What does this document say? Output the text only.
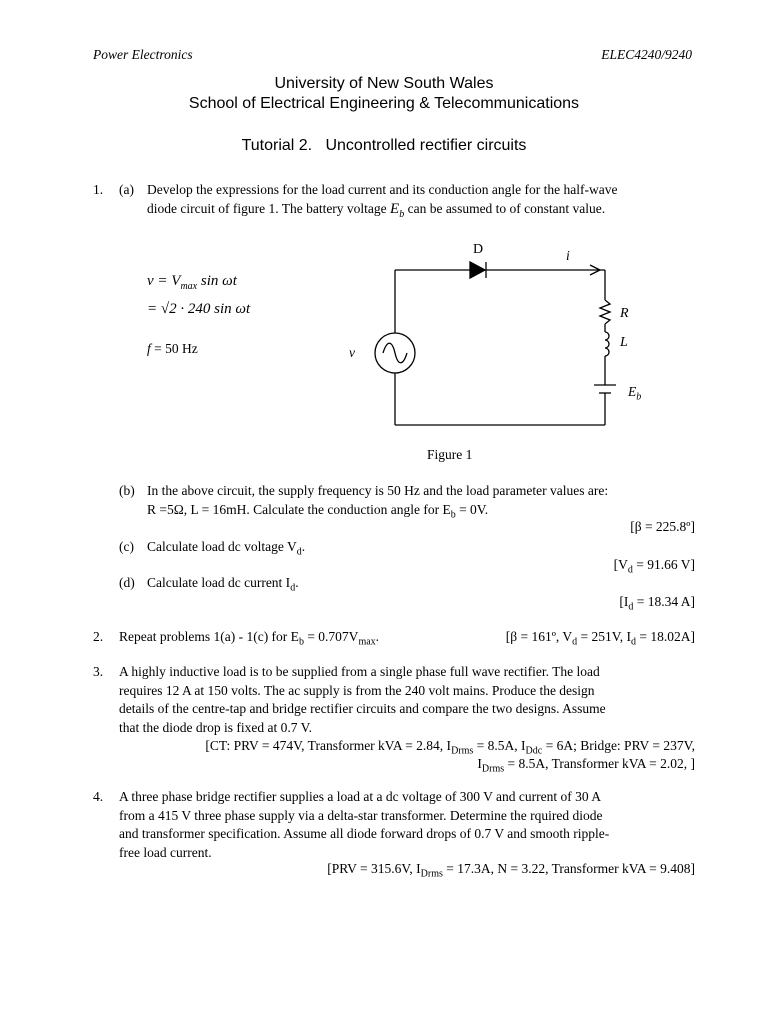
Power Electronics	ELEC4240/9240
University of New South Wales
School of Electrical Engineering & Telecommunications
Tutorial 2.   Uncontrolled rectifier circuits
1. (a) Develop the expressions for the load current and its conduction angle for the half-wave
diode circuit of figure 1. The battery voltage $E_b$ can be assumed to of constant value.
$v = V_{max}$ sin ωt
= √2 · 240 sin ωt
f = 50 Hz
D	i
R
L
$E_b$
v
Figure 1
(b) In the above circuit, the supply frequency is 50 Hz and the load parameter values are:
R =5Ω, L = 16mH. Calculate the conduction angle for $E_b = 0V$.
[β = 225.8º]
(c) Calculate load dc voltage $V_d$.
[$V_d = 91.66$ V]
(d) Calculate load dc current $I_d$.
[$I_d = 18.34$ A]
2. Repeat problems 1(a) - 1(c) for $E_b = 0.707V_{max}$.	[β = 161º, $V_d = 251V$, $I_d = 18.02A$]
3. A highly inductive load is to be supplied from a single phase full wave rectifier. The load
requires 12 A at 150 volts. The ac supply is from the 240 volt mains. Produce the design
details of the centre-tap and bridge rectifier circuits and compare the two designs. Assume
that the diode drop is fixed at 0.7 V.
[CT: PRV = 474V, Transformer kVA = 2.84, $I_{Drms} = 8.5A$, $I_{Ddc} = 6A$; Bridge: PRV = 237V,
$I_{Drms} = 8.5A$, Transformer kVA = 2.02, ]
4. A three phase bridge rectifier supplies a load at a dc voltage of 300 V and current of 30 A
from a 415 V three phase supply via a delta-star transformer. Determine the rquired diode
and transformer specification. Assume all diode forward drops of 0.7 V and smooth ripple-
free load current.
[PRV = 315.6V, $I_{Drms} = 17.3A$, N = 3.22, Transformer kVA = 9.408]
